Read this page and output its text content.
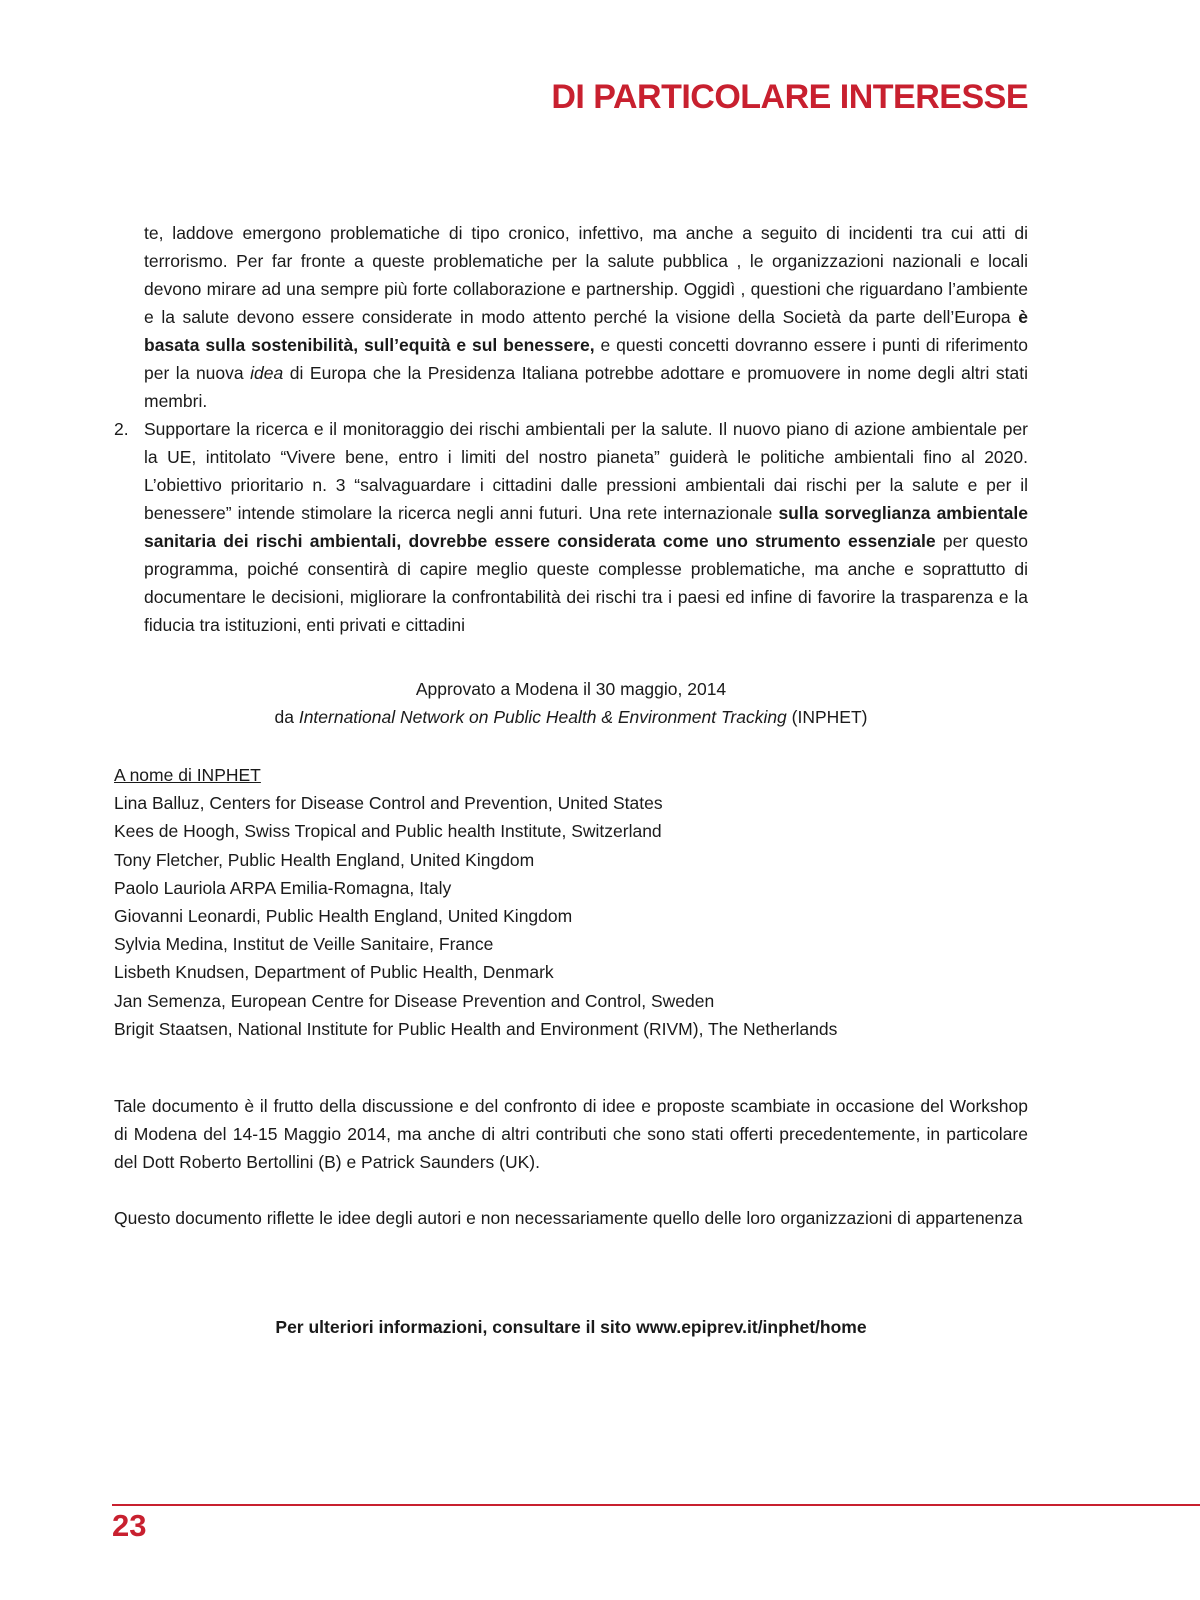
DI PARTICOLARE INTERESSE

te, laddove emergono problematiche di tipo cronico, infettivo, ma anche a seguito di incidenti tra cui atti di terrorismo. Per far fronte a queste problematiche per la salute pubblica , le organizzazioni nazionali e locali devono mirare ad una sempre più forte collaborazione e partnership. Oggidì , questioni che riguardano l’ambiente e la salute devono essere considerate in modo attento perché la visione della Società da parte dell’Europa è basata sulla sostenibilità, sull’equità e sul benessere, e questi concetti dovranno essere i punti di riferimento per la nuova idea di Europa che la Presidenza Italiana potrebbe adottare e promuovere in nome degli altri stati membri.

2. Supportare la ricerca e il monitoraggio dei rischi ambientali per la salute. Il nuovo piano di azione ambientale per la UE, intitolato “Vivere bene, entro i limiti del nostro pianeta” guiderà le politiche ambientali fino al 2020. L’obiettivo prioritario n. 3 “salvaguardare i cittadini dalle pressioni ambientali dai rischi per la salute e per il benessere” intende stimolare la ricerca negli anni futuri. Una rete internazionale sulla sorveglianza ambientale sanitaria dei rischi ambientali, dovrebbe essere considerata come uno strumento essenziale per questo programma, poiché consentirà di capire meglio queste complesse problematiche, ma anche e soprattutto di documentare le decisioni, migliorare la confrontabilità dei rischi tra i paesi ed infine di favorire la trasparenza e la fiducia tra istituzioni, enti privati e cittadini

Approvato a Modena il 30 maggio, 2014
da International Network on Public Health & Environment Tracking (INPHET)
A nome di INPHET
Lina Balluz, Centers for Disease Control and Prevention, United States
Kees de Hoogh, Swiss Tropical and Public health Institute, Switzerland
Tony Fletcher, Public Health England, United Kingdom
Paolo Lauriola ARPA Emilia-Romagna, Italy
Giovanni Leonardi, Public Health England, United Kingdom
Sylvia Medina, Institut de Veille Sanitaire, France
Lisbeth Knudsen, Department of Public Health, Denmark
Jan Semenza, European Centre for Disease Prevention and Control, Sweden
Brigit Staatsen, National Institute for Public Health and Environment (RIVM), The Netherlands

Tale documento è il frutto della discussione e del confronto di idee e proposte scambiate in occasione del Workshop di Modena del 14-15 Maggio 2014, ma anche di altri contributi che sono stati offerti precedentemente, in particolare del Dott Roberto Bertollini (B) e Patrick Saunders (UK).

Questo documento riflette le idee degli autori e non necessariamente quello delle loro organizzazioni di appartenenza

Per ulteriori informazioni, consultare il sito www.epiprev.it/inphet/home
23
